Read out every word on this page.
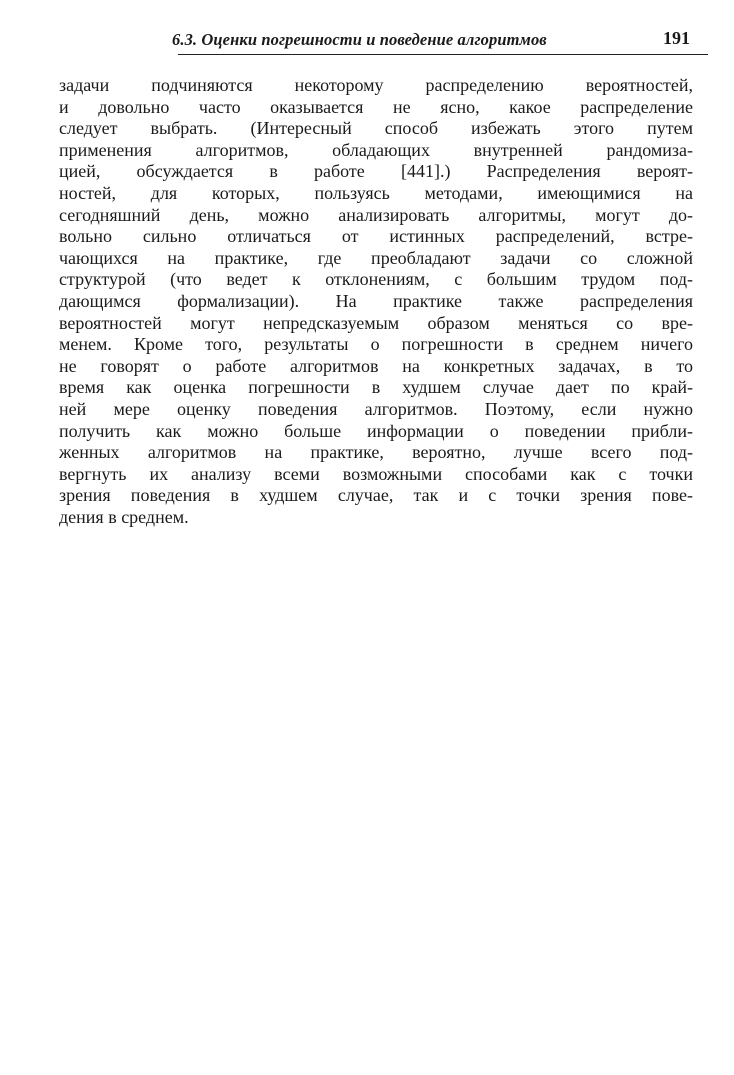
6.3. Оценки погрешности и поведение алгоритмов	191
задачи подчиняются некоторому распределению вероятностей,
и довольно часто оказывается не ясно, какое распределение
следует выбрать. (Интересный способ избежать этого путем
применения алгоритмов, обладающих внутренней рандомиза-
цией, обсуждается в работе [441].) Распределения вероят-
ностей, для которых, пользуясь методами, имеющимися на
сегодняшний день, можно анализировать алгоритмы, могут до-
вольно сильно отличаться от истинных распределений, встре-
чающихся на практике, где преобладают задачи со сложной
структурой (что ведет к отклонениям, с большим трудом под-
дающимся формализации). На практике также распределения
вероятностей могут непредсказуемым образом меняться со вре-
менем. Кроме того, результаты о погрешности в среднем ничего
не говорят о работе алгоритмов на конкретных задачах, в то
время как оценка погрешности в худшем случае дает по край-
ней мере оценку поведения алгоритмов. Поэтому, если нужно
получить как можно больше информации о поведении прибли-
женных алгоритмов на практике, вероятно, лучше всего под-
вергнуть их анализу всеми возможными способами как с точки
зрения поведения в худшем случае, так и с точки зрения пове-
дения в среднем.
